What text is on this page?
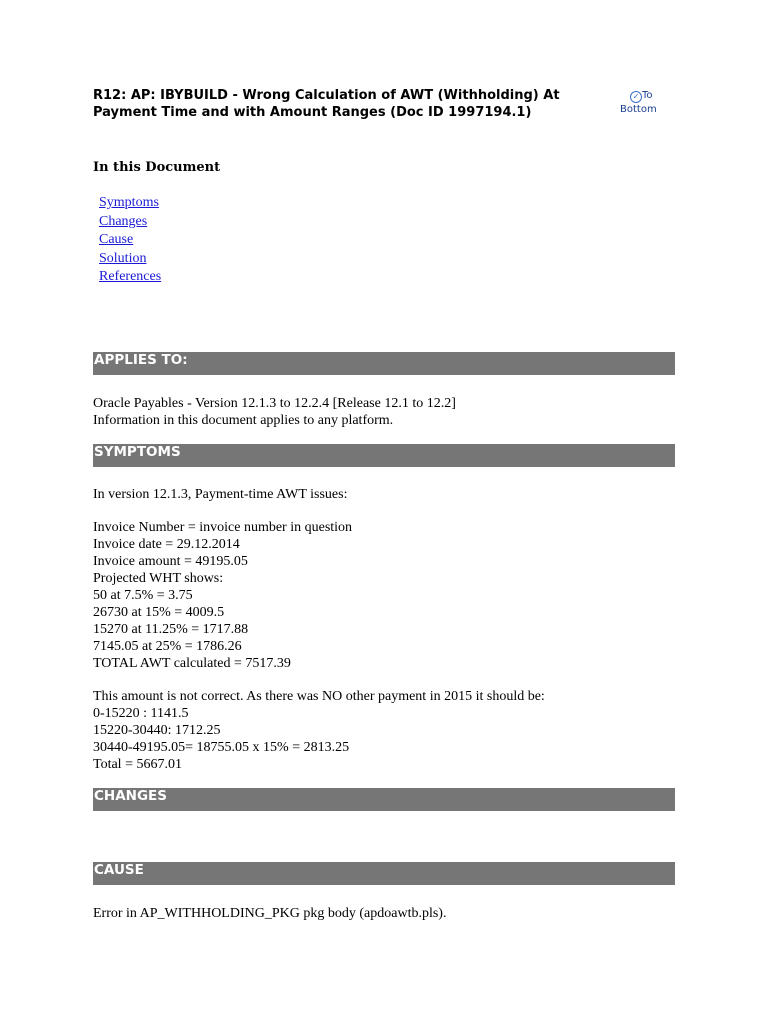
R12: AP: IBYBUILD - Wrong Calculation of AWT (Withholding) At Payment Time and with Amount Ranges (Doc ID 1997194.1)
✓ To
Bottom
In this Document
Symptoms
Changes
Cause
Solution
References
APPLIES TO:
Oracle Payables - Version 12.1.3 to 12.2.4 [Release 12.1 to 12.2]
Information in this document applies to any platform.
SYMPTOMS
In version 12.1.3, Payment-time AWT issues:
Invoice Number = invoice number in question
Invoice date = 29.12.2014
Invoice amount = 49195.05
Projected WHT shows:
50 at 7.5% = 3.75
26730 at 15% = 4009.5
15270 at 11.25% = 1717.88
7145.05 at 25% = 1786.26
TOTAL AWT calculated = 7517.39
This amount is not correct. As there was NO other payment in 2015 it should be:
0-15220 : 1141.5
15220-30440: 1712.25
30440-49195.05= 18755.05 x 15% = 2813.25
Total = 5667.01
CHANGES
CAUSE
Error in AP_WITHHOLDING_PKG pkg body (apdoawtb.pls).
